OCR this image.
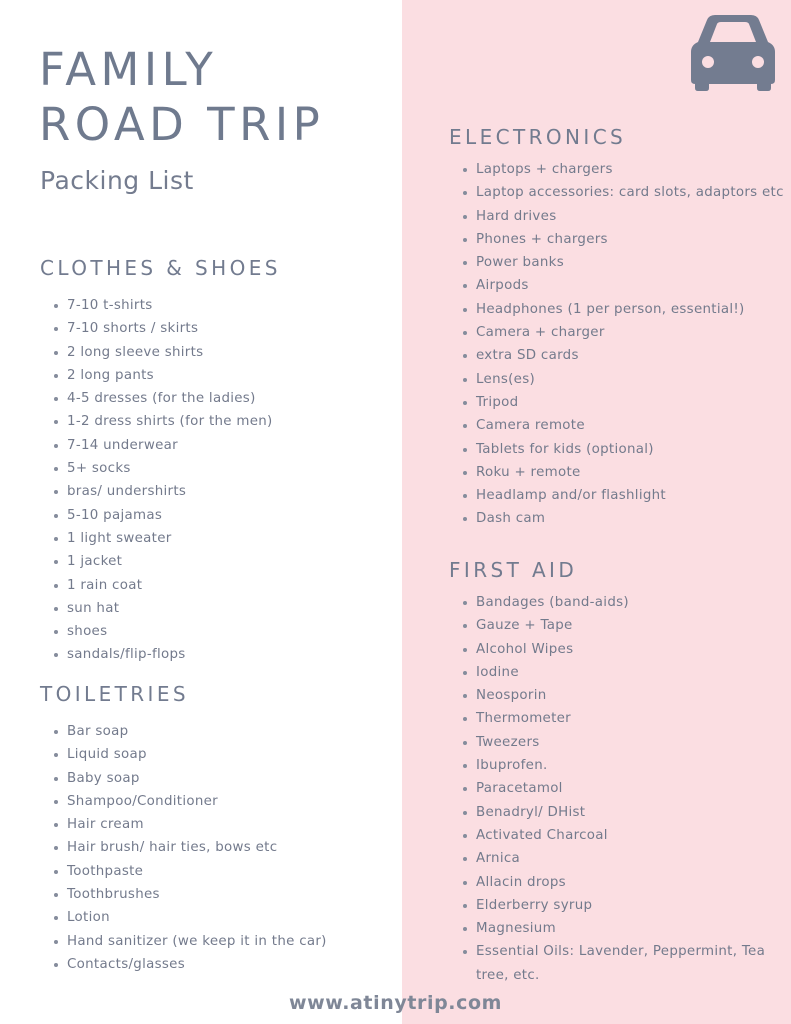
FAMILY
ROAD TRIP
Packing List
CLOTHES & SHOES
7-10 t-shirts
7-10 shorts / skirts
2 long sleeve shirts
2 long pants
4-5 dresses (for the ladies)
1-2 dress shirts (for the men)
7-14 underwear
5+ socks
bras/ undershirts
5-10 pajamas
1 light sweater
1 jacket
1 rain coat
sun hat
shoes
sandals/flip-flops
TOILETRIES
Bar soap
Liquid soap
Baby soap
Shampoo/Conditioner
Hair cream
Hair brush/ hair ties, bows etc
Toothpaste
Toothbrushes
Lotion
Hand sanitizer (we keep it in the car)
Contacts/glasses
ELECTRONICS
Laptops + chargers
Laptop accessories: card slots, adaptors etc
Hard drives
Phones + chargers
Power banks
Airpods
Headphones (1 per person, essential!)
Camera + charger
extra SD cards
Lens(es)
Tripod
Camera remote
Tablets for kids (optional)
Roku + remote
Headlamp and/or flashlight
Dash cam
FIRST AID
Bandages (band-aids)
Gauze + Tape
Alcohol Wipes
Iodine
Neosporin
Thermometer
Tweezers
Ibuprofen.
Paracetamol
Benadryl/ DHist
Activated Charcoal
Arnica
Allacin drops
Elderberry syrup
Magnesium
Essential Oils: Lavender, Peppermint, Tea tree, etc.
www.atinytrip.com
